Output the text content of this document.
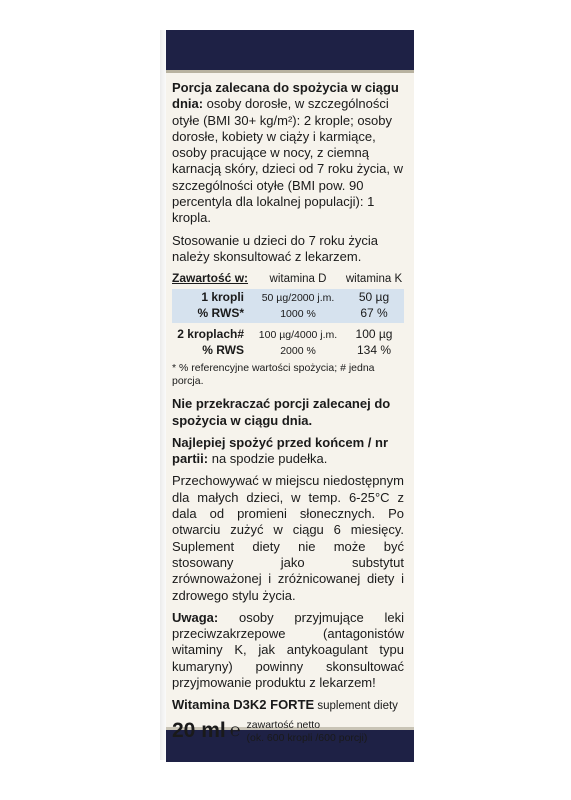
Porcja zalecana do spożycia w ciągu dnia: osoby dorosłe, w szczególności otyłe (BMI 30+ kg/m²): 2 krople; osoby dorosłe, kobiety w ciąży i karmiące, osoby pracujące w nocy, z ciemną karnacją skóry, dzieci od 7 roku życia, w szczególności otyłe (BMI pow. 90 percentyla dla lokalnej populacji): 1 kropla.

Stosowanie u dzieci do 7 roku życia należy skonsultować z lekarzem.

Zawartość w:	witamina D	witamina K
1 kropli	50 µg/2000 j.m.	50 µg
% RWS*	1000 %	67 %
2 kroplach#	100 µg/4000 j.m.	100 µg
% RWS	2000 %	134 %

* % referencyjne wartości spożycia; # jedna porcja.

Nie przekraczać porcji zalecanej do spożycia w ciągu dnia.

Najlepiej spożyć przed końcem / nr partii: na spodzie pudełka.

Przechowywać w miejscu niedostępnym dla małych dzieci, w temp. 6-25°C z dala od promieni słonecznych. Po otwarciu zużyć w ciągu 6 miesięcy. Suplement diety nie może być stosowany jako substytut zrównoważonej i zróżnicowanej diety i zdrowego stylu życia.

Uwaga: osoby przyjmujące leki przeciwzakrzepowe (antagonistów witaminy K, jak antykoagulant typu kumaryny) powinny skonsultować przyjmowanie produktu z lekarzem!

Witamina D3K2 FORTE suplement diety
20 ml ℮ zawartość netto
(ok. 600 kropli /600 porcji)
